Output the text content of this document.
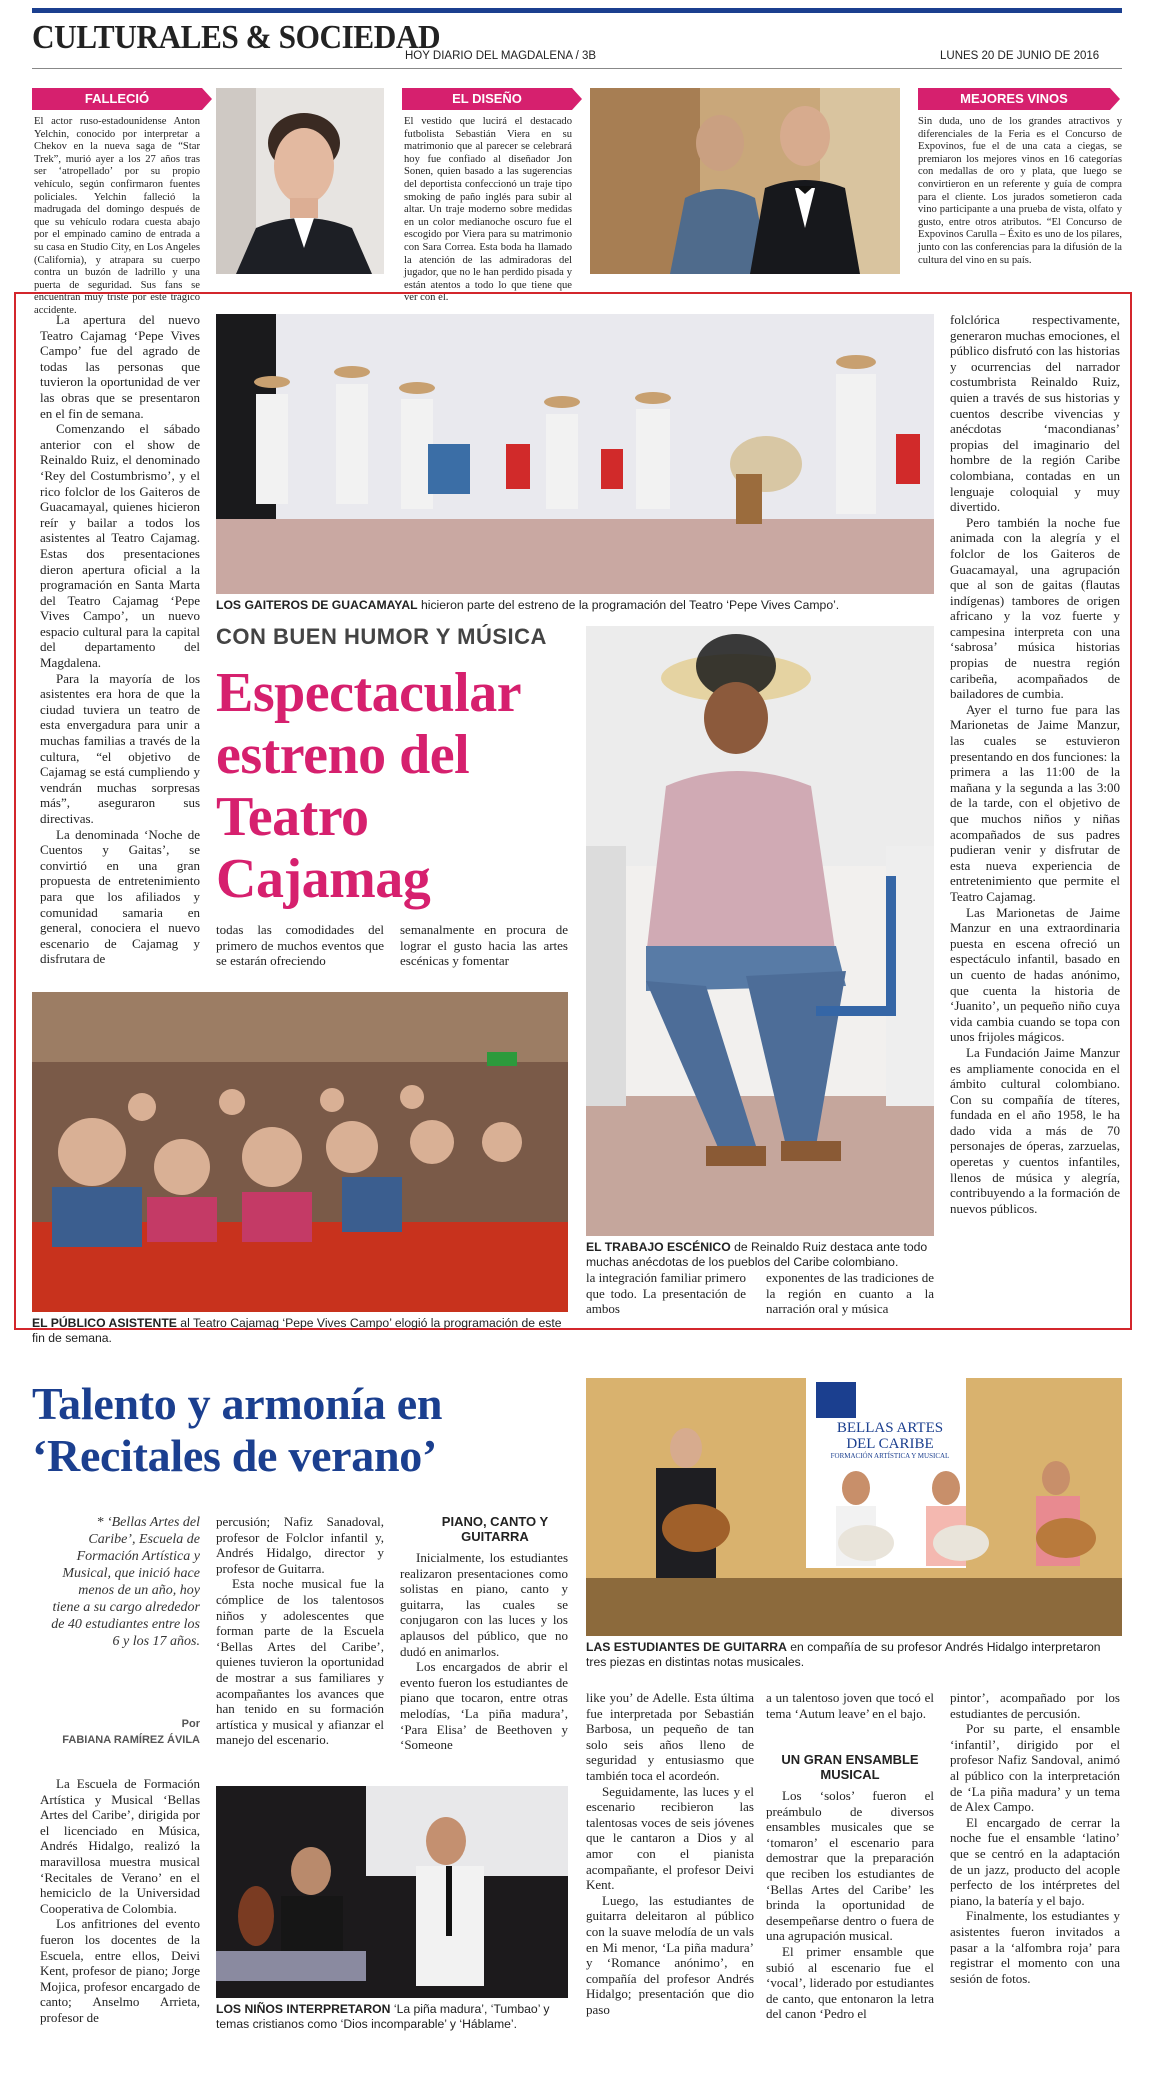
CULTURALES & SOCIEDAD
HOY DIARIO DEL MAGDALENA / 3B	LUNES 20 DE JUNIO DE 2016
FALLECIÓ
El actor ruso-estadounidense Anton Yelchin, conocido por interpretar a Chekov en la nueva saga de “Star Trek”, murió ayer a los 27 años tras ser ‘atropellado’ por su propio vehículo, según confirmaron fuentes policiales. Yelchin falleció la madrugada del domingo después de que su vehículo rodara cuesta abajo por el empinado camino de entrada a su casa en Studio City, en Los Angeles (California), y atrapara su cuerpo contra un buzón de ladrillo y una puerta de seguridad. Sus fans se encuentran muy triste por este trágico accidente.
EL DISEÑO
El vestido que lucirá el destacado futbolista Sebastián Viera en su matrimonio que al parecer se celebrará hoy fue confiado al diseñador Jon Sonen, quien basado a las sugerencias del deportista confeccionó un traje tipo smoking de paño inglés para subir al altar. Un traje moderno sobre medidas en un color medianoche oscuro fue el escogido por Viera para su matrimonio con Sara Correa. Esta boda ha llamado la atención de las admiradoras del jugador, que no le han perdido pisada y están atentos a todo lo que tiene que ver con él.
MEJORES VINOS
Sin duda, uno de los grandes atractivos y diferenciales de la Feria es el Concurso de Expovinos, fue el de una cata a ciegas, se premiaron los mejores vinos en 16 categorías con medallas de oro y plata, que luego se convirtieron en un referente y guía de compra para el cliente. Los jurados sometieron cada vino participante a una prueba de vista, olfato y gusto, entre otros atributos. “El Concurso de Expovinos Carulla – Éxito es uno de los pilares, junto con las conferencias para la difusión de la cultura del vino en su país.
LOS GAITEROS DE GUACAMAYAL hicieron parte del estreno de la programación del Teatro ‘Pepe Vives Campo’.

La apertura del nuevo Teatro Cajamag ‘Pepe Vives Campo’ fue del agrado de todas las personas que tuvieron la oportunidad de ver las obras que se presentaron en el fin de semana.

Comenzando el sábado anterior con el show de Reinaldo Ruiz, el denominado ‘Rey del Costumbrismo’, y el rico folclor de los Gaiteros de Guacamayal, quienes hicieron reír y bailar a todos los asistentes al Teatro Cajamag. Estas dos presentaciones dieron apertura oficial a la programación en Santa Marta del Teatro Cajamag ‘Pepe Vives Campo’, un nuevo espacio cultural para la capital del departamento del Magdalena.

Para la mayoría de los asistentes era hora de que la ciudad tuviera un teatro de esta envergadura para unir a muchas familias a través de la cultura, “el objetivo de Cajamag se está cumpliendo y vendrán muchas sorpresas más”, aseguraron sus directivas.

La denominada ‘Noche de Cuentos y Gaitas’, se convirtió en una gran propuesta de entretenimiento para que los afiliados y comunidad samaria en general, conociera el nuevo escenario de Cajamag y disfrutara de

CON BUEN HUMOR Y MÚSICA
Espectacular estreno del Teatro Cajamag
todas las comodidades del primero de muchos eventos que se estarán ofreciendo
semanalmente en procura de lograr el gusto hacia las artes escénicas y fomentar
EL TRABAJO ESCÉNICO de Reinaldo Ruiz destaca ante todo muchas anécdotas de los pueblos del Caribe colombiano.
EL PÚBLICO ASISTENTE al Teatro Cajamag ‘Pepe Vives Campo’ elogió la programación de este fin de semana.
la integración familiar primero que todo. La presentación de ambos
exponentes de las tradiciones de la región en cuanto a la narración oral y música

folclórica respectivamente, generaron muchas emociones, el público disfrutó con las historias y ocurrencias del narrador costumbrista Reinaldo Ruiz, quien a través de sus historias y cuentos describe vivencias y anécdotas ‘macondianas’ propias del imaginario del hombre de la región Caribe colombiana, contadas en un lenguaje coloquial y muy divertido.

Pero también la noche fue animada con la alegría y el folclor de los Gaiteros de Guacamayal, una agrupación que al son de gaitas (flautas indígenas) tambores de origen africano y la voz fuerte y campesina interpreta con una ‘sabrosa’ música historias propias de nuestra región caribeña, acompañados de bailadores de cumbia.

Ayer el turno fue para las Marionetas de Jaime Manzur, las cuales se estuvieron presentando en dos funciones: la primera a las 11:00 de la mañana y la segunda a las 3:00 de la tarde, con el objetivo de que muchos niños y niñas acompañados de sus padres pudieran venir y disfrutar de esta nueva experiencia de entretenimiento que permite el Teatro Cajamag.

Las Marionetas de Jaime Manzur en una extraordinaria puesta en escena ofreció un espectáculo infantil, basado en un cuento de hadas anónimo, que cuenta la historia de ‘Juanito’, un pequeño niño cuya vida cambia cuando se topa con unos frijoles mágicos.

La Fundación Jaime Manzur es ampliamente conocida en el ámbito cultural colombiano. Con su compañía de títeres, fundada en el año 1958, le ha dado vida a más de 70 personajes de óperas, zarzuelas, operetas y cuentos infantiles, llenos de música y alegría, contribuyendo a la formación de nuevos públicos.

Talento y armonía en ‘Recitales de verano’
* ‘Bellas Artes del Caribe’, Escuela de Formación Artística y Musical, que inició hace menos de un año, hoy tiene a su cargo alrededor de 40 estudiantes entre los 6 y los 17 años.
Por
FABIANA RAMÍREZ ÁVILA

La Escuela de Formación Artística y Musical ‘Bellas Artes del Caribe’, dirigida por el licenciado en Música, Andrés Hidalgo, realizó la maravillosa muestra musical ‘Recitales de Verano’ en el hemiciclo de la Universidad Cooperativa de Colombia.

Los anfitriones del evento fueron los docentes de la Escuela, entre ellos, Deivi Kent, profesor de piano; Jorge Mojica, profesor encargado de canto; Anselmo Arrieta, profesor de

percusión; Nafiz Sanadoval, profesor de Folclor infantil y, Andrés Hidalgo, director y profesor de Guitarra.

Esta noche musical fue la cómplice de los talentosos niños y adolescentes que forman parte de la Escuela ‘Bellas Artes del Caribe’, quienes tuvieron la oportunidad de mostrar a sus familiares y acompañantes los avances que han tenido en su formación artística y musical y afianzar el manejo del escenario.

PIANO, CANTO Y GUITARRA

Inicialmente, los estudiantes realizaron presentaciones como solistas en piano, canto y guitarra, las cuales se conjugaron con las luces y los aplausos del público, que no dudó en animarlos.

Los encargados de abrir el evento fueron los estudiantes de piano que tocaron, entre otras melodías, ‘La piña madura’, ‘Para Elisa’ de Beethoven y ‘Someone

BELLAS ARTES
DEL CARIBE
FORMACIÓN ARTÍSTICA Y MUSICAL
LAS ESTUDIANTES DE GUITARRA en compañía de su profesor Andrés Hidalgo interpretaron tres piezas en distintas notas musicales.
LOS NIÑOS INTERPRETARON ‘La piña madura’, ‘Tumbao’ y temas cristianos como ‘Dios incomparable’ y ‘Háblame’.

like you’ de Adelle. Esta última fue interpretada por Sebastián Barbosa, un pequeño de tan solo seis años lleno de seguridad y entusiasmo que también toca el acordeón.

Seguidamente, las luces y el escenario recibieron las talentosas voces de seis jóvenes que le cantaron a Dios y al amor con el pianista acompañante, el profesor Deivi Kent.

Luego, las estudiantes de guitarra deleitaron al público con la suave melodía de un vals en Mi menor, ‘La piña madura’ y ‘Romance anónimo’, en compañía del profesor Andrés Hidalgo; presentación que dio paso

a un talentoso joven que tocó el tema ‘Autum leave’ en el bajo.
UN GRAN ENSAMBLE MUSICAL

Los ‘solos’ fueron el preámbulo de diversos ensambles musicales que se ‘tomaron’ el escenario para demostrar que la preparación que reciben los estudiantes de ‘Bellas Artes del Caribe’ les brinda la oportunidad de desempeñarse dentro o fuera de una agrupación musical.

El primer ensamble que subió al escenario fue el ‘vocal’, liderado por estudiantes de canto, que entonaron la letra del canon ‘Pedro el

pintor’, acompañado por los estudiantes de percusión.

Por su parte, el ensamble ‘infantil’, dirigido por el profesor Nafiz Sandoval, animó al público con la interpretación de ‘La piña madura’ y un tema de Alex Campo.

El encargado de cerrar la noche fue el ensamble ‘latino’ que se centró en la adaptación de un jazz, producto del acople perfecto de los intérpretes del piano, la batería y el bajo.

Finalmente, los estudiantes y asistentes fueron invitados a pasar a la ‘alfombra roja’ para registrar el momento con una sesión de fotos.
